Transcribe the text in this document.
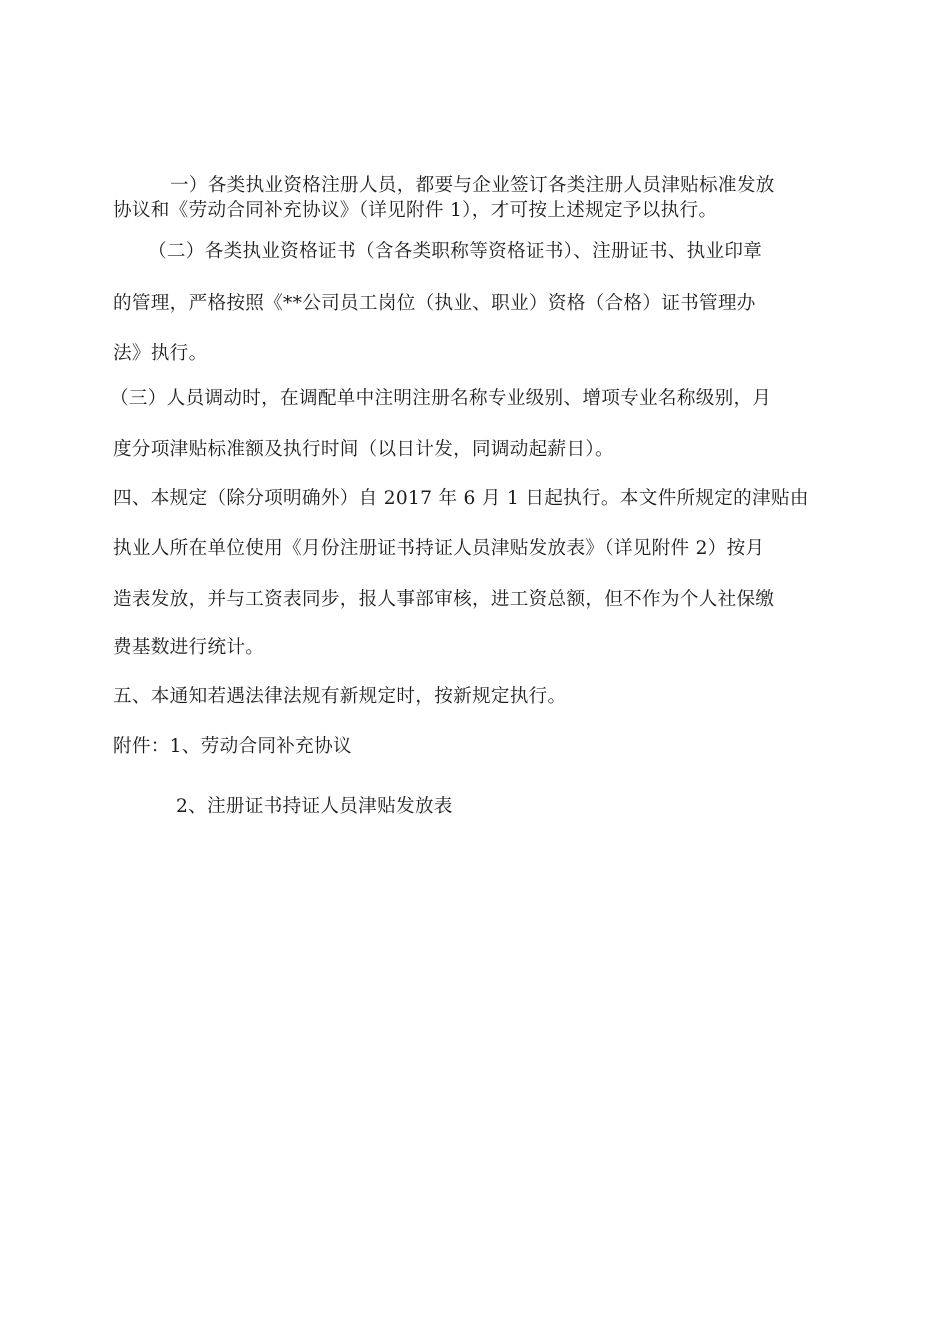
一）各类执业资格注册人员，都要与企业签订各类注册人员津贴标准发放
协议和《劳动合同补充协议》（详见附件 1），才可按上述规定予以执行。
（二）各类执业资格证书（含各类职称等资格证书）、注册证书、执业印章
的管理，严格按照《**公司员工岗位（执业、职业）资格（合格）证书管理办
法》执行。
（三）人员调动时，在调配单中注明注册名称专业级别、增项专业名称级别，月
度分项津贴标准额及执行时间（以日计发，同调动起薪日）。
四、本规定（除分项明确外）自 2017 年 6 月 1 日起执行。本文件所规定的津贴由
执业人所在单位使用《月份注册证书持证人员津贴发放表》（详见附件 2）按月
造表发放，并与工资表同步，报人事部审核，进工资总额，但不作为个人社保缴
费基数进行统计。
五、本通知若遇法律法规有新规定时，按新规定执行。
附件：1、劳动合同补充协议
2、注册证书持证人员津贴发放表
